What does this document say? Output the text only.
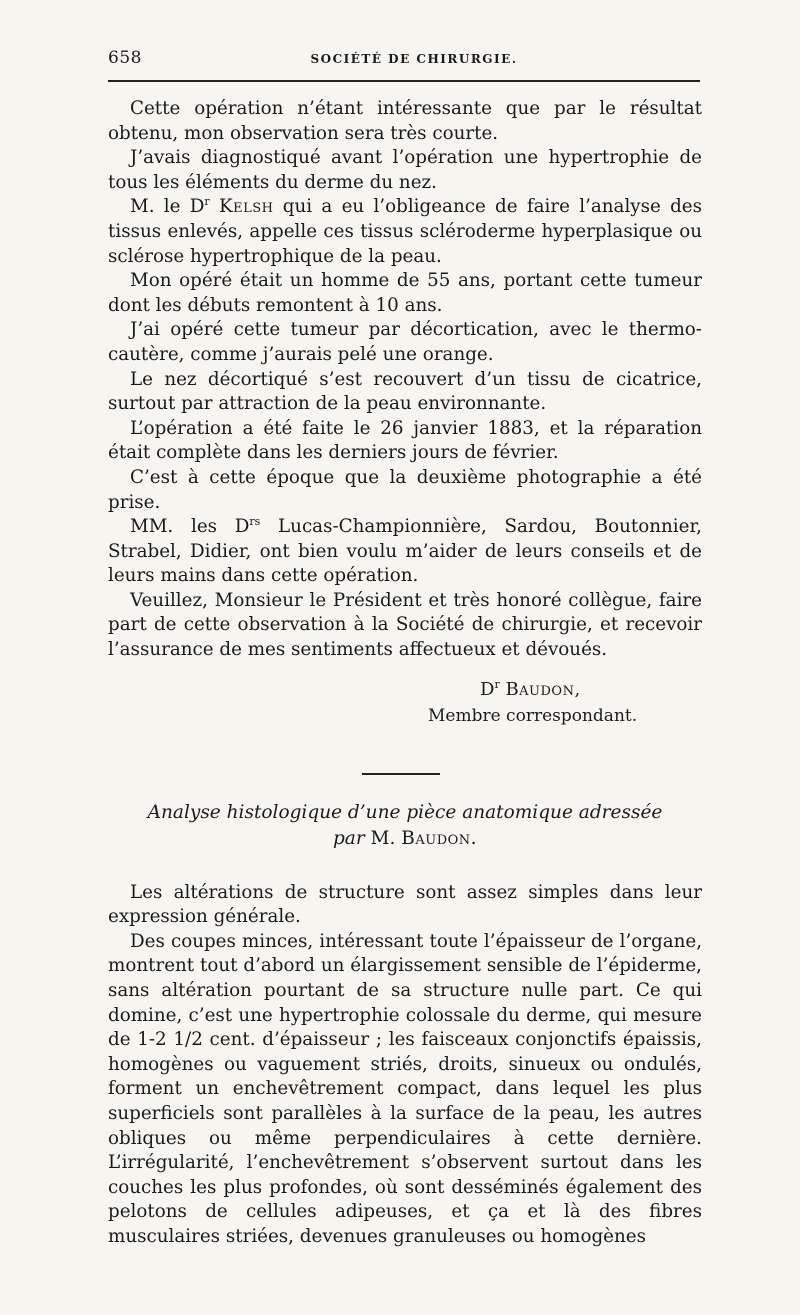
658	SOCIÉTÉ DE CHIRURGIE.

Cette opération n’étant intéressante que par le résultat obtenu, mon observation sera très courte.

J’avais diagnostiqué avant l’opération une hypertrophie de tous les éléments du derme du nez.

M. le $D^r$ Kelsh qui a eu l’obligeance de faire l’analyse des tissus enlevés, appelle ces tissus scléroderme hyperplasique ou sclérose hypertrophique de la peau.

Mon opéré était un homme de 55 ans, portant cette tumeur dont les débuts remontent à 10 ans.

J’ai opéré cette tumeur par décortication, avec le thermo-cautère, comme j’aurais pelé une orange.

Le nez décortiqué s’est recouvert d’un tissu de cicatrice, surtout par attraction de la peau environnante.

L’opération a été faite le 26 janvier 1883, et la réparation était complète dans les derniers jours de février.

C’est à cette époque que la deuxième photographie a été prise.

MM. les $D^{rs}$ Lucas-Championnière, Sardou, Boutonnier, Strabel, Didier, ont bien voulu m’aider de leurs conseils et de leurs mains dans cette opération.

Veuillez, Monsieur le Président et très honoré collègue, faire part de cette observation à la Société de chirurgie, et recevoir l’assurance de mes sentiments affectueux et dévoués.

$D^r$ Baudon,
Membre correspondant.
Analyse histologique d’une pièce anatomique adressée
par M. Baudon.

Les altérations de structure sont assez simples dans leur expression générale.

Des coupes minces, intéressant toute l’épaisseur de l’organe, montrent tout d’abord un élargissement sensible de l’épiderme, sans altération pourtant de sa structure nulle part. Ce qui domine, c’est une hypertrophie colossale du derme, qui mesure de 1-2 1/2 cent. d’épaisseur ; les faisceaux conjonctifs épaissis, homogènes ou vaguement striés, droits, sinueux ou ondulés, forment un enchevêtrement compact, dans lequel les plus superficiels sont parallèles à la surface de la peau, les autres obliques ou même perpendiculaires à cette dernière. L’irrégularité, l’enchevêtrement s’observent surtout dans les couches les plus profondes, où sont desséminés également des pelotons de cellules adipeuses, et ça et là des fibres musculaires striées, devenues granuleuses ou homogènes
